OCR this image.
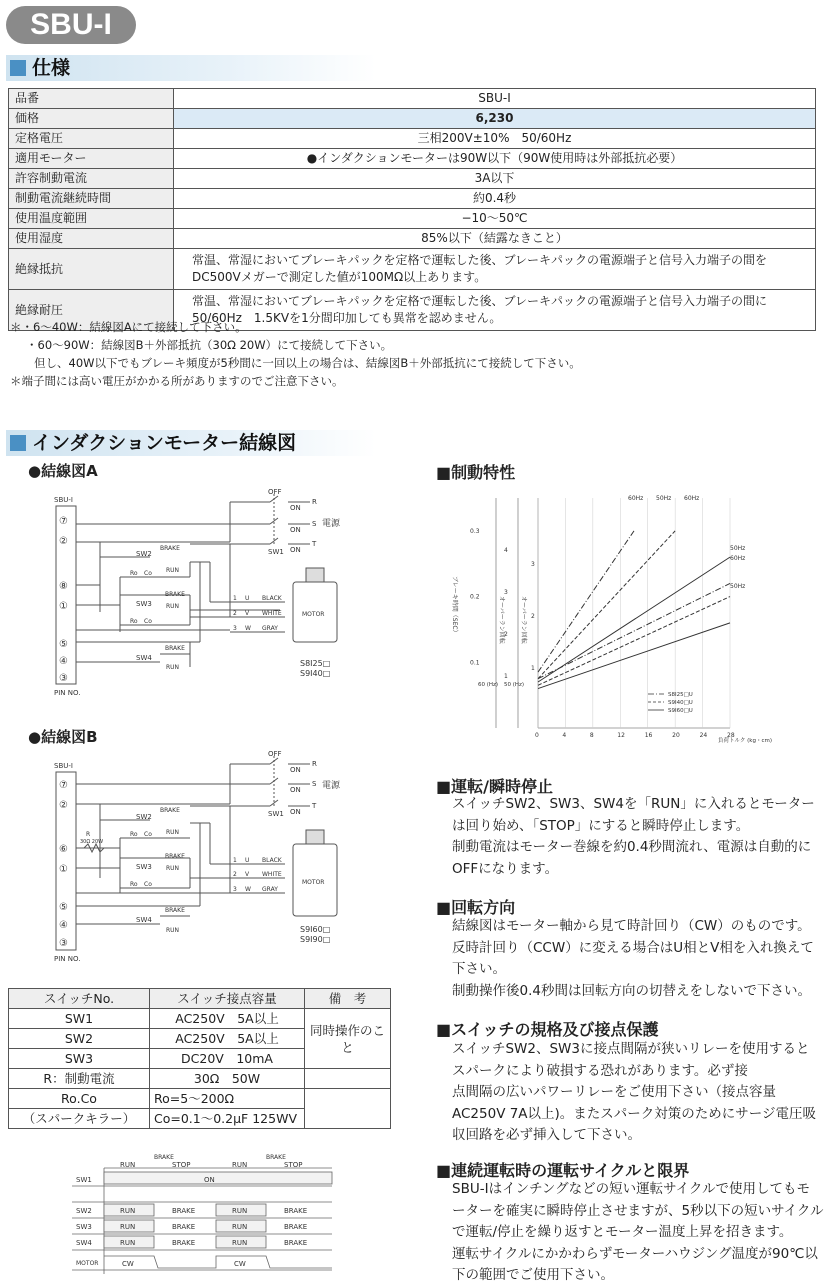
SBU-I
仕様
品番	SBU-I
価格	6,230
定格電圧	三相200V±10%　50/60Hz
適用モーター	●インダクションモーターは90W以下（90W使用時は外部抵抗必要）
許容制動電流	3A以下
制動電流継続時間	約0.4秒
使用温度範囲	−10〜50℃
使用湿度	85%以下（結露なきこと）
絶縁抵抗	常温、常湿においてブレーキパックを定格で運転した後、ブレーキパックの電源端子と信号入力端子の間を
DC500Vメガーで測定した値が100MΩ以上あります。

絶縁耐圧	常温、常湿においてブレーキパックを定格で運転した後、ブレーキパックの電源端子と信号入力端子の間に
50/60Hz　1.5KVを1分間印加しても異常を認めません。
＊・6〜40W：結線図Aにて接続して下さい。
・60〜90W：結線図B＋外部抵抗（30Ω 20W）にて接続して下さい。
但し、40W以下でもブレーキ頻度が5秒間に一回以上の場合は、結線図B＋外部抵抗にて接続して下さい。
＊端子間には高い電圧がかかる所がありますのでご注意下さい。
インダクションモーター結線図
●結線図A
●結線図B
■制動特性
SBU-I
⑦
②
⑧
①
⑤
④
③
PIN NO.
OFF
ON
ON
ON
R
S
T
電源
SW1
SW2
SW3
SW4
BRAKE
RUN
BRAKE
RUN
BRAKE
RUN
Ro Co
Ro Co
1
2
3
U
V
W
BLACK
WHITE
GRAY
MOTOR
S8I25□
S9I40□
SBU-I
⑦
②
⑥
①
⑤
④
③
PIN NO.
R
30Ω 20W
OFF
ON
ON
ON
R
S
T
電源
SW1
SW2
SW3
SW4
BRAKE
RUN
BRAKE
RUN
BRAKE
RUN
Ro Co
Ro Co
1
2
3
U
V
W
BLACK
WHITE
GRAY
MOTOR
S9I60□
S9I90□
0	4	8	12	16	20	24	28
0.1
0.2
0.3
1
2
3
4
1
2
3
60Hz 50Hz 60Hz
50Hz
60Hz
50Hz
ブレーキ時間（SEC）	オーバーラン回転	オーバーラン回転
60 (Hz) 50 (Hz)
負荷トルク (kg・cm)
S8I25□U
S9I40□U
S9I60□U
スイッチNo.	スイッチ接点容量	備　考
SW1	AC250V　5A以上	同時操作のこと
SW2	AC250V　5A以上	
SW3	DC20V　10mA	
R：制動電流	30Ω　50W	
Ro.Co	Ro=5〜200Ω	
（スパークキラー）	Co=0.1〜0.2μF 125WV	
BRAKE	BRAKE
RUN	STOP	RUN	STOP
SW1
SW2
SW3
SW4
MOTOR
ON
RUN	BRAKE	RUN	BRAKE
RUN	BRAKE	RUN	BRAKE
RUN	BRAKE	RUN	BRAKE
CW	CW
■運転/瞬時停止
スイッチSW2、SW3、SW4を「RUN」に入れるとモーター
は回り始め、「STOP」にすると瞬時停止します。
制動電流はモーター巻線を約0.4秒間流れ、電源は自動的に
OFFになります。
■回転方向
結線図はモーター軸から見て時計回り（CW）のものです。
反時計回り（CCW）に変える場合はU相とV相を入れ換えて
下さい。
制動操作後0.4秒間は回転方向の切替えをしないで下さい。
■スイッチの規格及び接点保護
スイッチSW2、SW3に接点間隔が狭いリレーを使用すると
スパークにより破損する恐れがあります。必ず接
点間隔の広いパワーリレーをご使用下さい（接点容量
AC250V 7A以上)。またスパーク対策のためにサージ電圧吸
収回路を必ず挿入して下さい。
■連続運転時の運転サイクルと限界
SBU-Iはインチングなどの短い運転サイクルで使用してもモ
ーターを確実に瞬時停止させますが、5秒以下の短いサイクル
で運転/停止を繰り返すとモーター温度上昇を招きます。
運転サイクルにかかわらずモーターハウジング温度が90℃以
下の範囲でご使用下さい。
